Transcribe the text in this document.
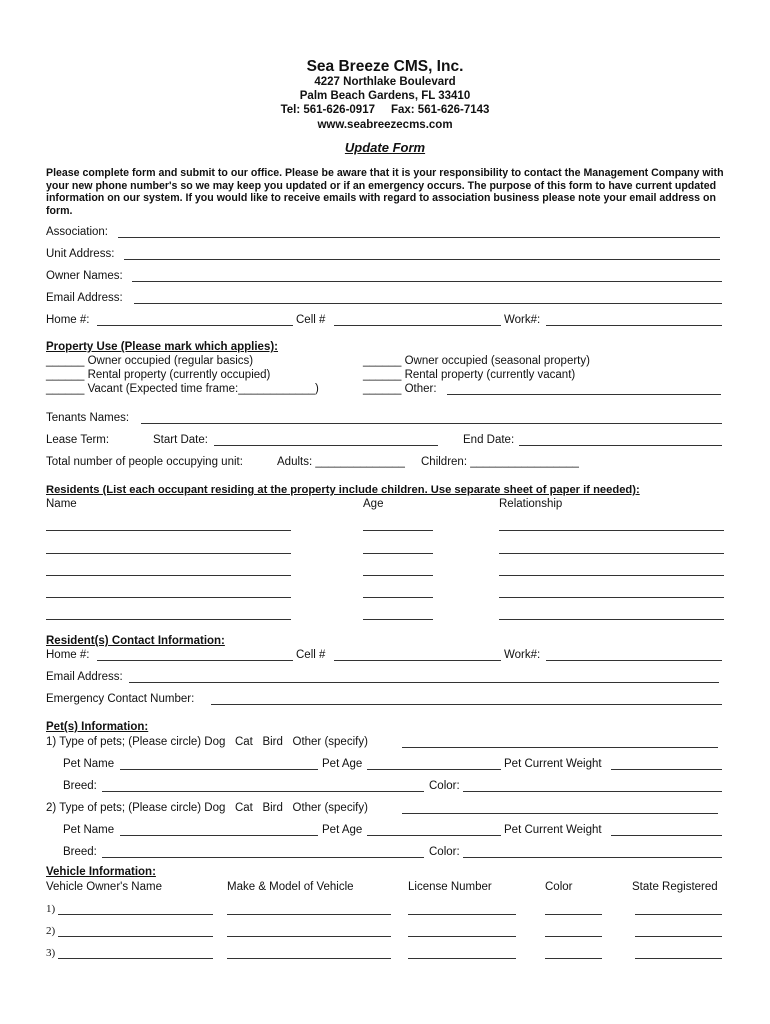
Sea Breeze CMS, Inc.
4227 Northlake Boulevard
Palm Beach Gardens, FL 33410
Tel: 561-626-0917     Fax: 561-626-7143
www.seabreezecms.com
Update Form
Please complete form and submit to our office. Please be aware that it is your responsibility to contact the Management Company with your new phone number's so we may keep you updated or if an emergency occurs. The purpose of this form to have current updated information on our system. If you would like to receive emails with regard to association business please note your email address on form.
Association:
Unit Address:
Owner Names:
Email Address:
Home #:	Cell #	Work#:
Property Use (Please mark which applies):
______ Owner occupied (regular basics)
______ Rental property (currently occupied)
______ Vacant (Expected time frame:____________)
______ Owner occupied (seasonal property)
______ Rental property (currently vacant)
______ Other:
Tenants Names:
Lease Term:	Start Date:	End Date:
Total number of people occupying unit:	Adults: ______________ Children: _________________
Residents (List each occupant residing at the property include children. Use separate sheet of paper if needed):
Name	Age	Relationship
Resident(s) Contact Information:
Home #:	Cell #	Work#:
Email Address:
Emergency Contact Number:
Pet(s) Information:
1) Type of pets; (Please circle) Dog   Cat   Bird   Other (specify)
Pet Name	Pet Age	Pet Current Weight
Breed:	Color:
2) Type of pets; (Please circle) Dog   Cat   Bird   Other (specify)
Pet Name	Pet Age	Pet Current Weight
Breed:	Color:
Vehicle Information:
Vehicle Owner's Name	Make & Model of Vehicle	License Number	Color	State Registered
1)
2)
3)
